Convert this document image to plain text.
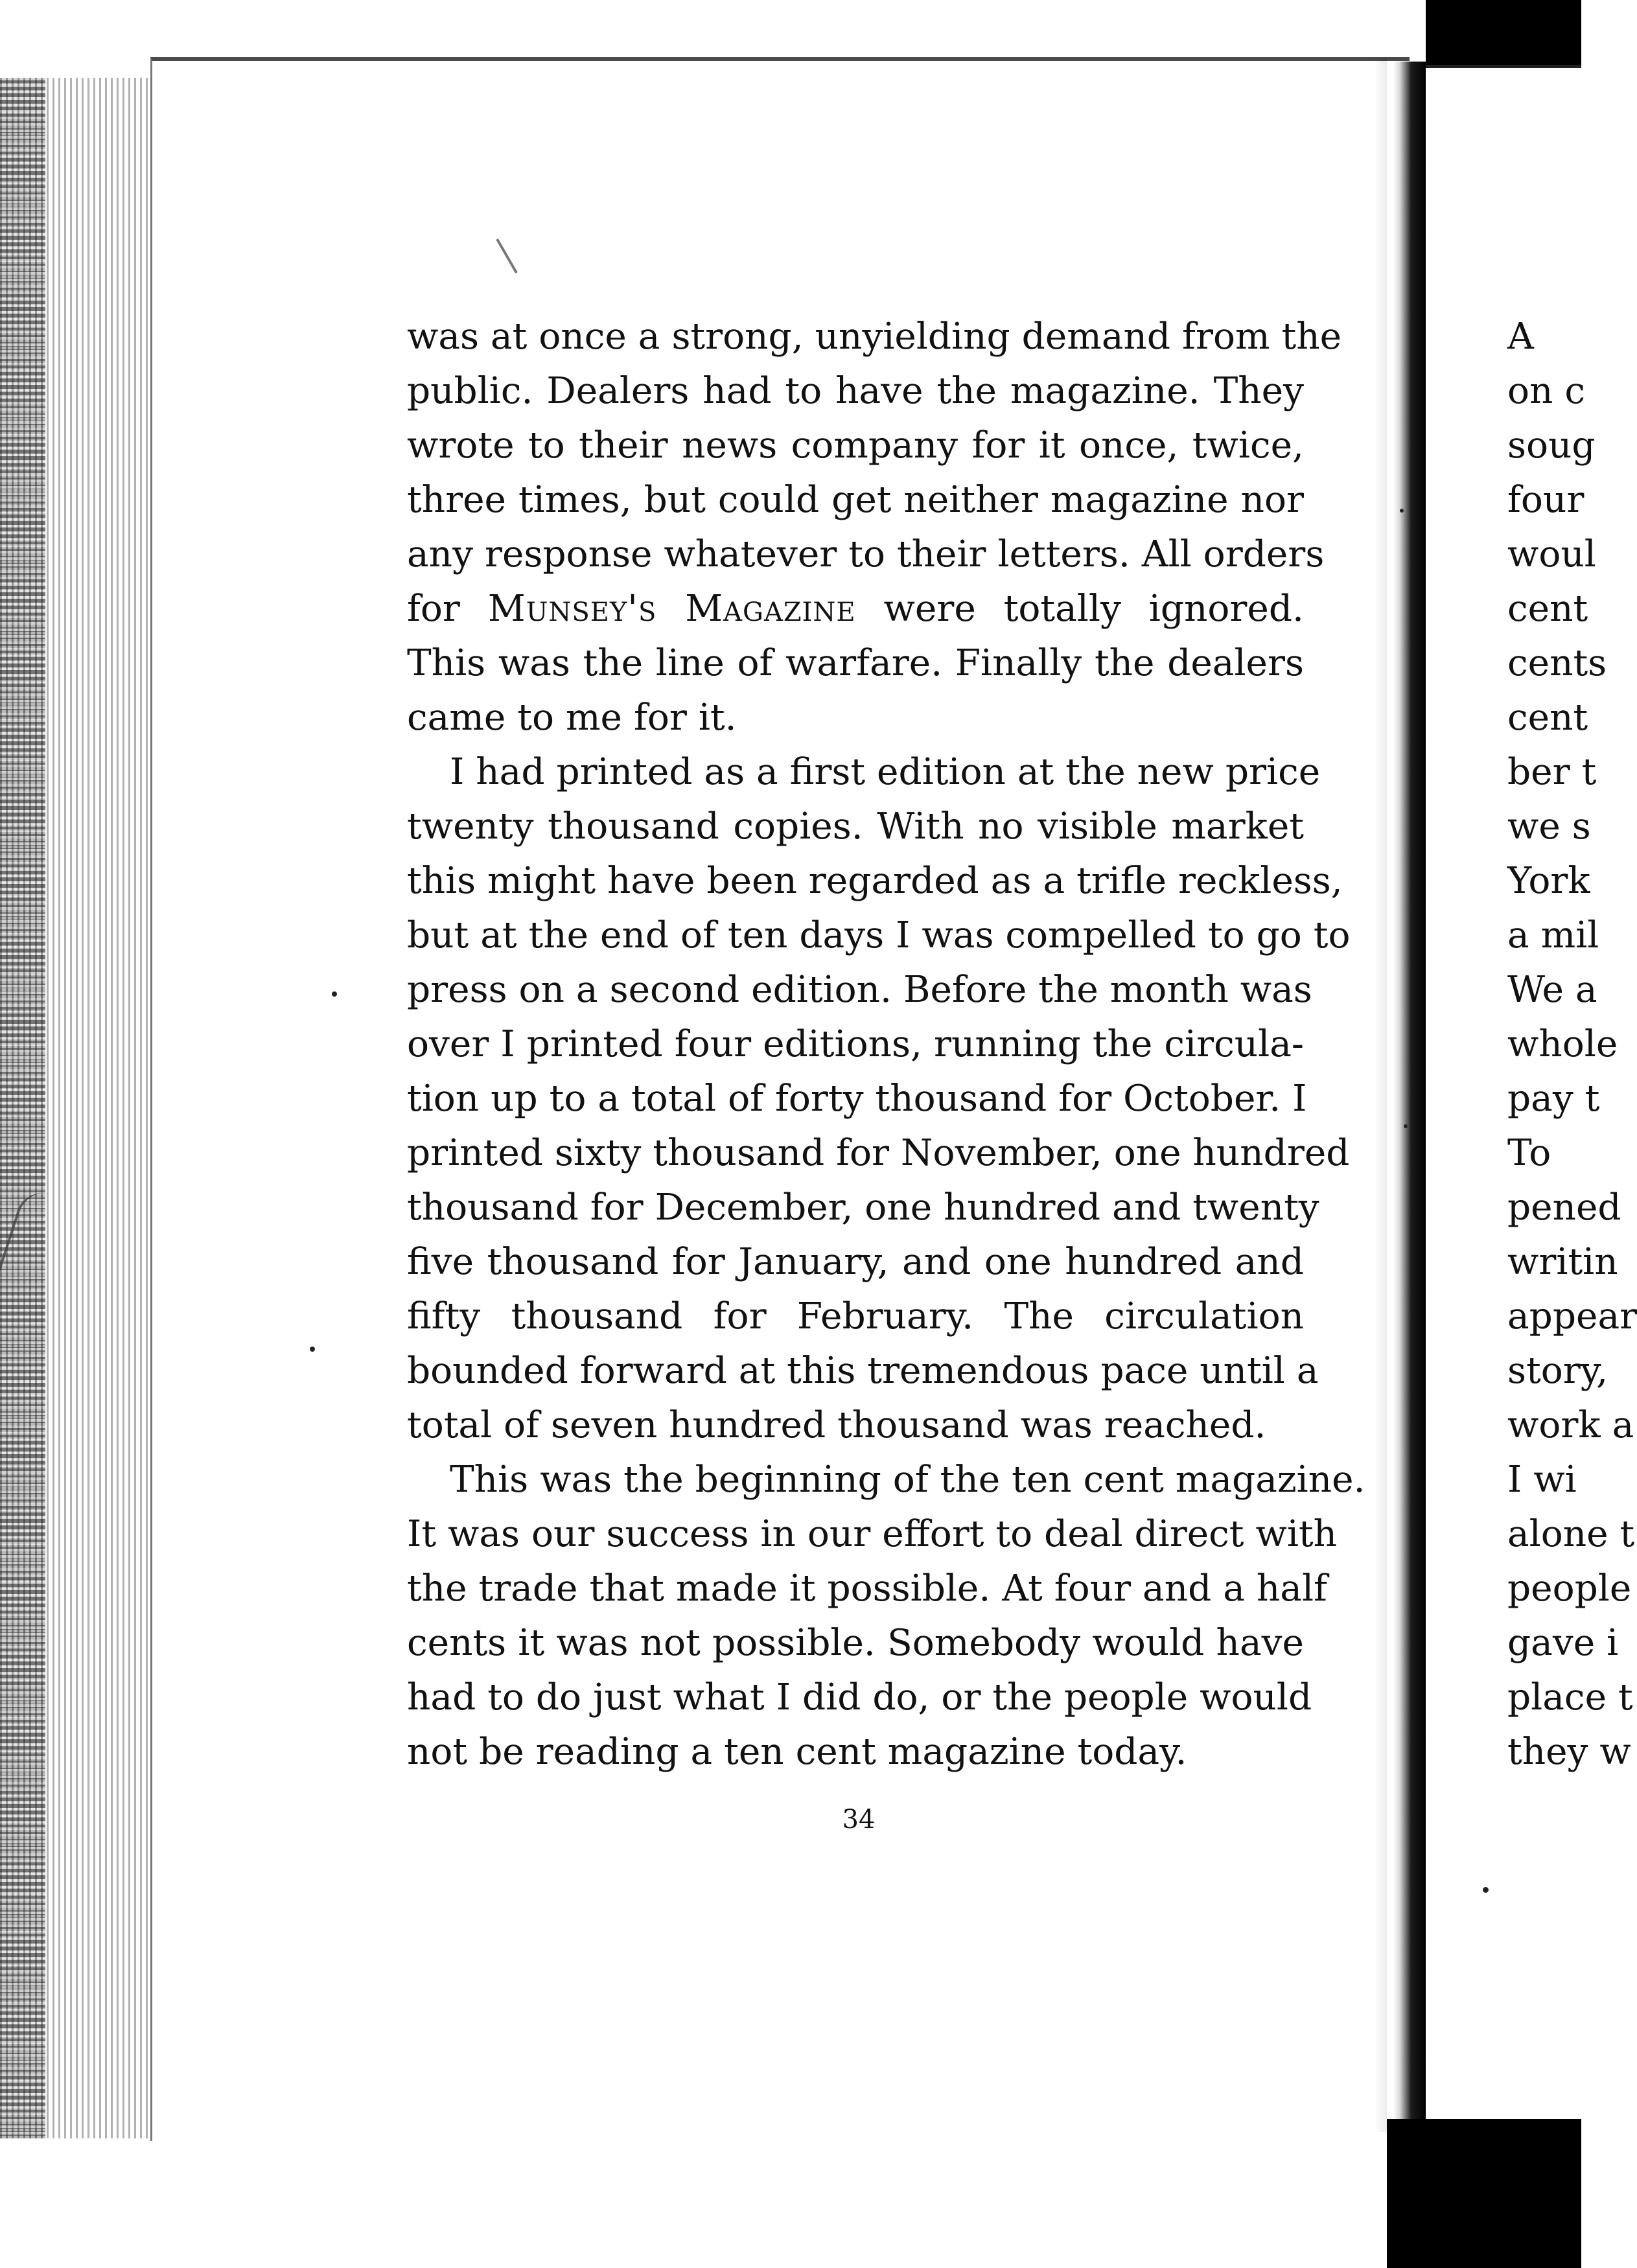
was at once a strong, unyielding demand from the
public. Dealers had to have the magazine. They
wrote to their news company for it once, twice,
three times, but could get neither magazine nor
any response whatever to their letters. All orders
for Munsey's Magazine were totally ignored.
This was the line of warfare. Finally the dealers
came to me for it.
I had printed as a first edition at the new price
twenty thousand copies. With no visible market
this might have been regarded as a trifle reckless,
but at the end of ten days I was compelled to go to
press on a second edition. Before the month was
over I printed four editions, running the circula-
tion up to a total of forty thousand for October. I
printed sixty thousand for November, one hundred
thousand for December, one hundred and twenty
five thousand for January, and one hundred and
fifty thousand for February. The circulation
bounded forward at this tremendous pace until a
total of seven hundred thousand was reached.
This was the beginning of the ten cent magazine.
It was our success in our effort to deal direct with
the trade that made it possible. At four and a half
cents it was not possible. Somebody would have
had to do just what I did do, or the people would
not be reading a ten cent magazine today.
34
A
on c
soug
four
woul
cent
cents
cent
ber t
we s
York
a mil
We a
whole
pay t
To
pened
writin
appear
story,
work a
I wi
alone t
people
gave i
place t
they w
